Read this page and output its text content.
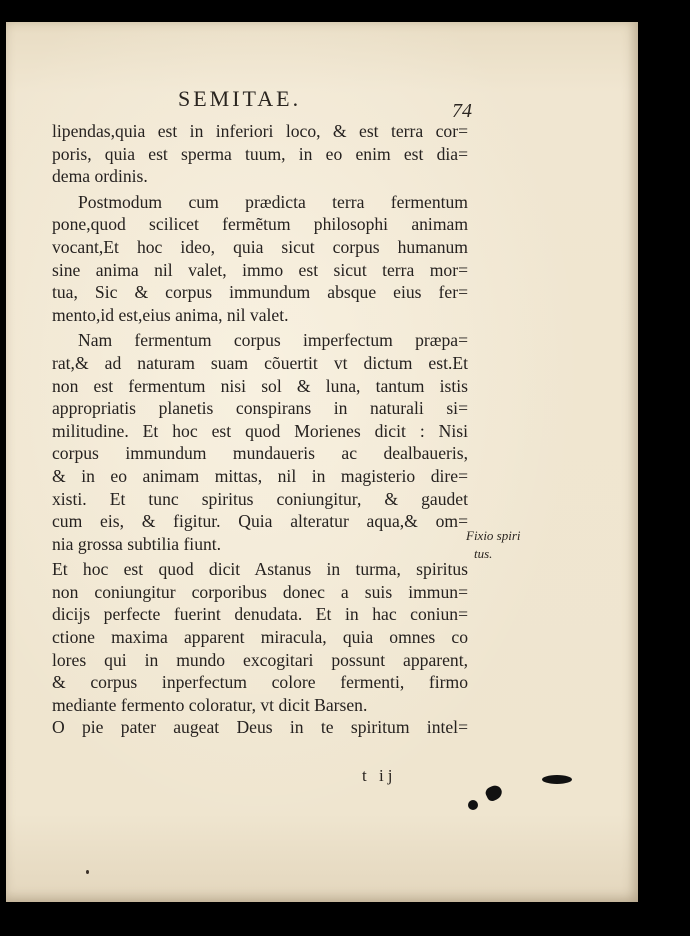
SEMITAE.	74
lipendas,quia est in inferiori loco, & est terra cor=
poris, quia est sperma tuum, in eo enim est dia=
dema ordinis.
Postmodum cum prædicta terra fermentum
pone,quod scilicet fermẽtum philosophi animam
vocant,Et hoc ideo, quia sicut corpus humanum
sine anima nil valet, immo est sicut terra mor=
tua, Sic & corpus immundum absque eius fer=
mento,id est,eius anima, nil valet.
Nam fermentum corpus imperfectum præpa=
rat,& ad naturam suam cõuertit vt dictum est.Et
non est fermentum nisi sol & luna, tantum istis
appropriatis planetis conspirans in naturali si=
militudine. Et hoc est quod Morienes dicit : Nisi
corpus immundum mundaueris ac dealbaueris,
& in eo animam mittas, nil in magisterio dire=
xisti. Et tunc spiritus coniungitur, & gaudet
cum eis, & figitur. Quia alteratur aqua,& om=
nia grossa subtilia fiunt.
Et hoc est quod dicit Astanus in turma, spiritus
non coniungitur corporibus donec a suis immun=
dicijs perfecte fuerint denudata. Et in hac coniun=
ctione maxima apparent miracula, quia omnes co
lores qui in mundo excogitari possunt apparent,
& corpus inperfectum colore fermenti, firmo
mediante fermento coloratur, vt dicit Barsen.
O pie pater augeat Deus in te spiritum intel=
Fixio spiri
tus.
t ij
